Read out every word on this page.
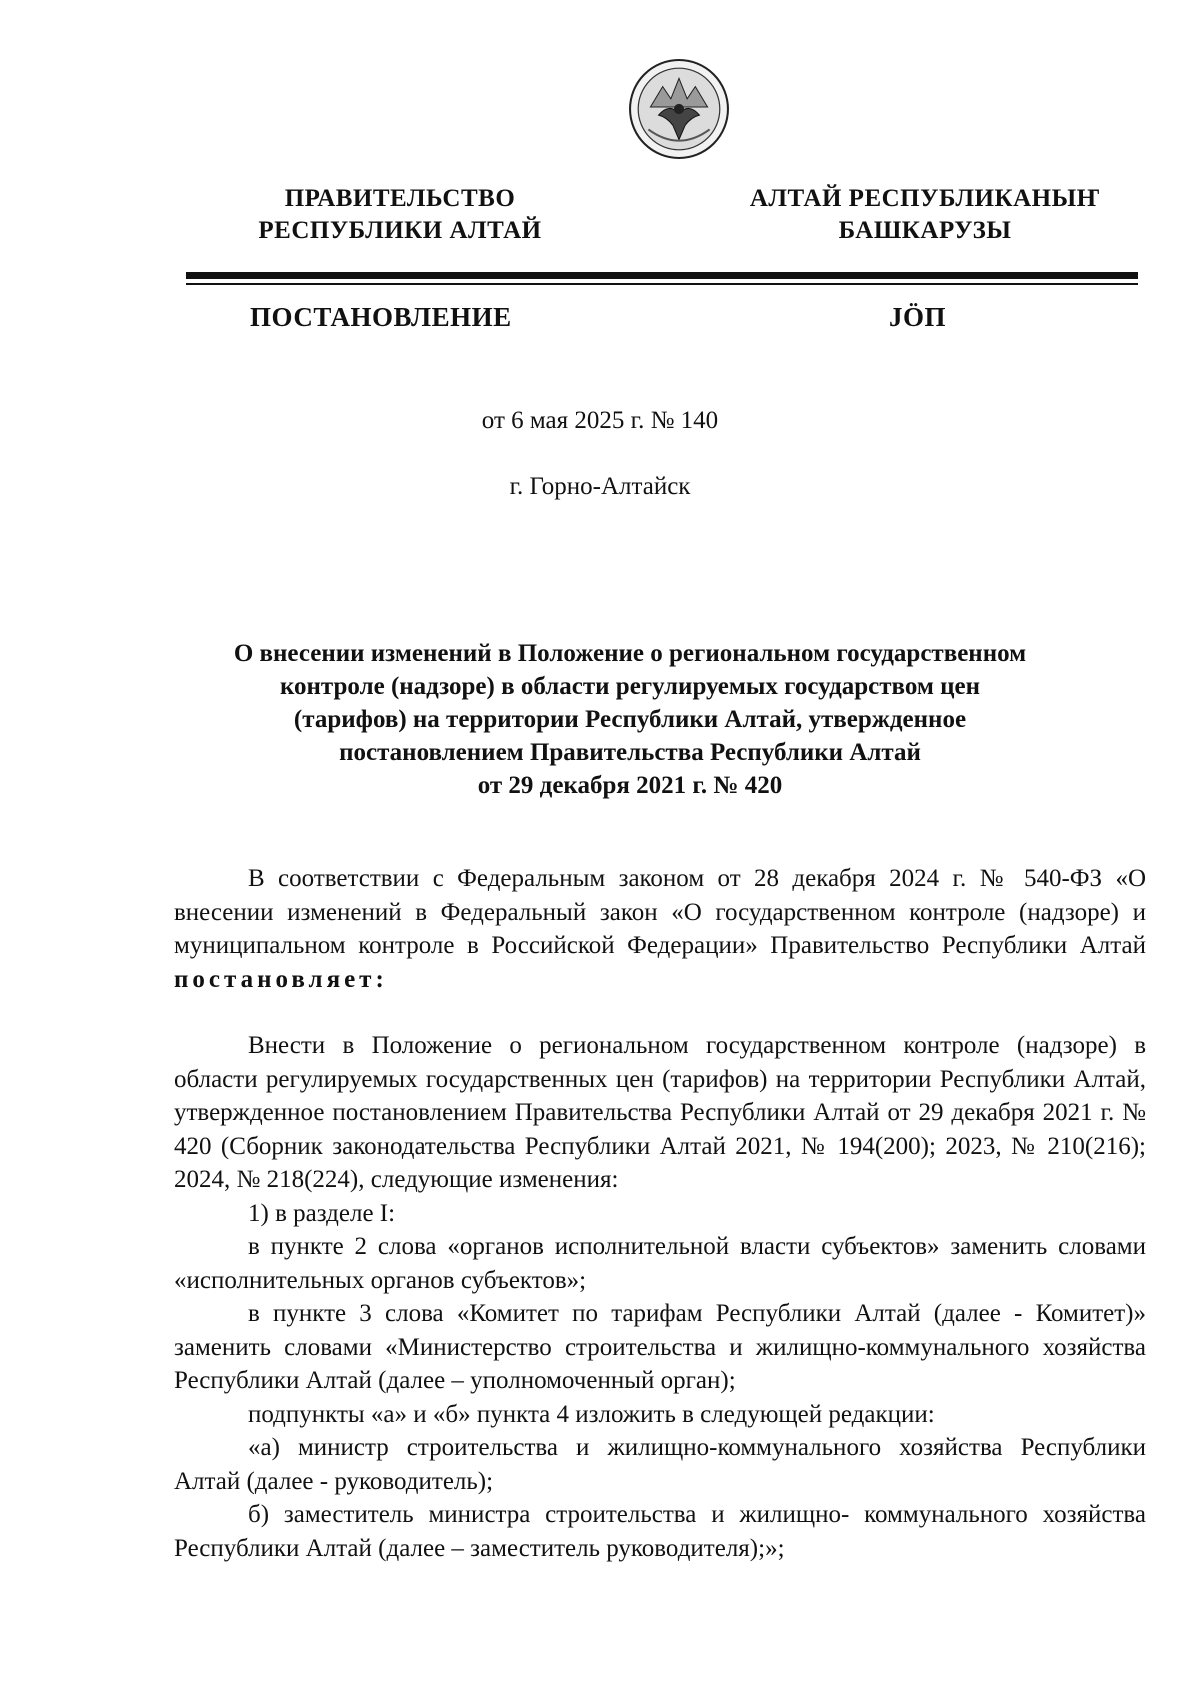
ПРАВИТЕЛЬСТВО
РЕСПУБЛИКИ АЛТАЙ
АЛТАЙ РЕСПУБЛИКАНЫҤ
БАШКАРУЗЫ
ПОСТАНОВЛЕНИЕ	JӦП
от 6 мая 2025 г. № 140
г. Горно-Алтайск
О внесении изменений в Положение о региональном государственном
контроле (надзоре) в области регулируемых государством цен
(тарифов) на территории Республики Алтай, утвержденное
постановлением Правительства Республики Алтай
от 29 декабря 2021 г. № 420

В соответствии с Федеральным законом от 28 декабря 2024 г. № 540-ФЗ «О внесении изменений в Федеральный закон «О государственном контроле (надзоре) и муниципальном контроле в Российской Федерации» Правительство Республики Алтай постановляет:

Внести в Положение о региональном государственном контроле (надзоре) в области регулируемых государственных цен (тарифов) на территории Республики Алтай, утвержденное постановлением Правительства Республики Алтай от 29 декабря 2021 г. № 420 (Сборник законодательства Республики Алтай 2021, № 194(200); 2023, № 210(216); 2024, № 218(224), следующие изменения:

1) в разделе I:

в пункте 2 слова «органов исполнительной власти субъектов» заменить словами «исполнительных органов субъектов»;

в пункте 3 слова «Комитет по тарифам Республики Алтай (далее - Комитет)» заменить словами «Министерство строительства и жилищно-коммунального хозяйства Республики Алтай (далее – уполномоченный орган);

подпункты «а» и «б» пункта 4 изложить в следующей редакции:

«а) министр строительства и жилищно-коммунального хозяйства Республики Алтай (далее - руководитель);

б) заместитель министра строительства и жилищно- коммунального хозяйства Республики Алтай (далее – заместитель руководителя);»;
